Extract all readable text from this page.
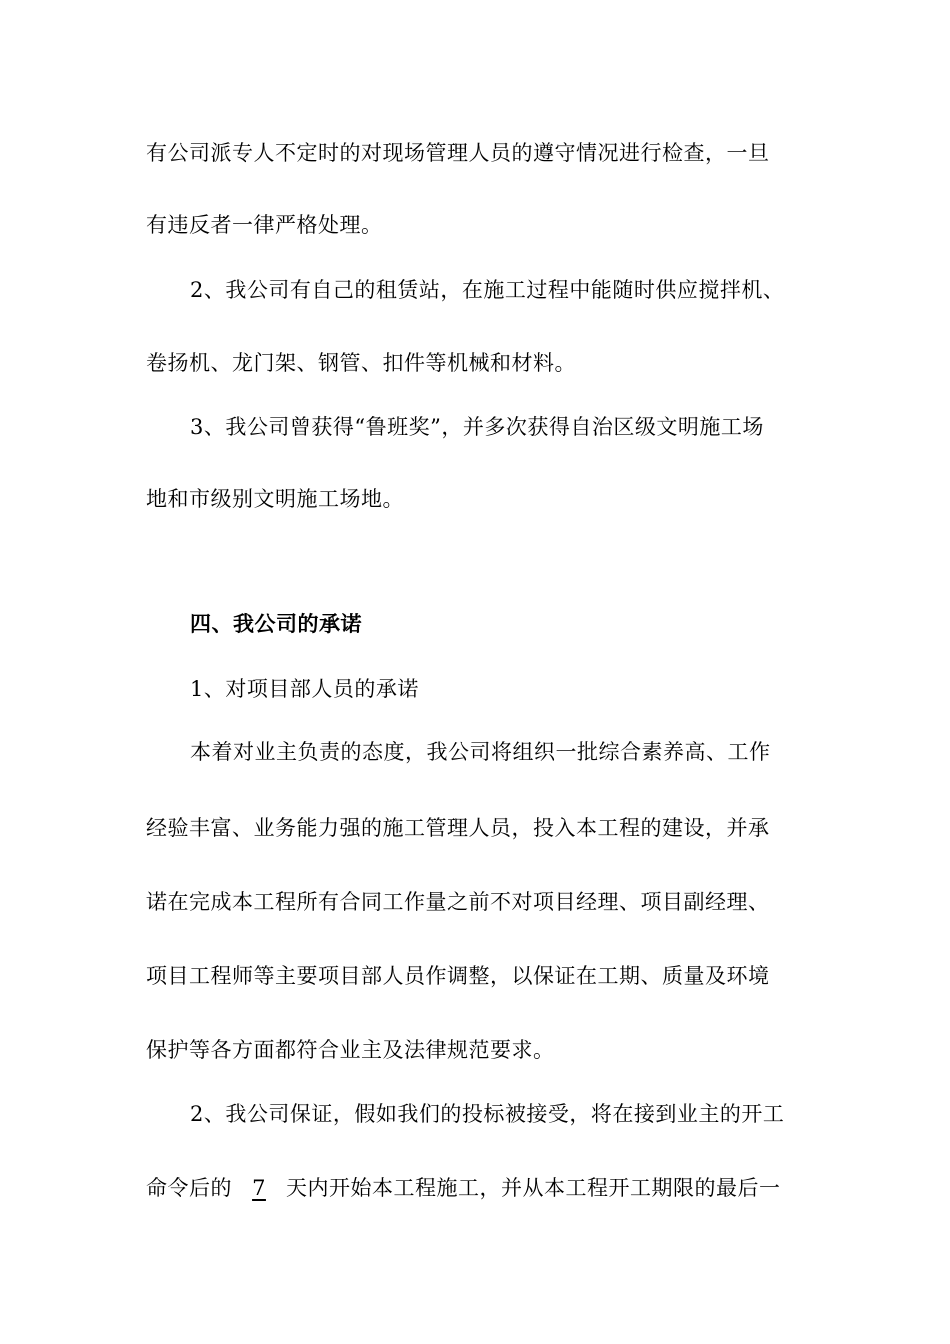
有公司派专人不定时的对现场管理人员的遵守情况进行检查，一旦
有违反者一律严格处理。
2、我公司有自己的租赁站，在施工过程中能随时供应搅拌机、
卷扬机、龙门架、钢管、扣件等机械和材料。
3、我公司曾获得“鲁班奖”，并多次获得自治区级文明施工场
地和市级别文明施工场地。
四、我公司的承诺
1、对项目部人员的承诺
本着对业主负责的态度，我公司将组织一批综合素养高、工作
经验丰富、业务能力强的施工管理人员，投入本工程的建设，并承
诺在完成本工程所有合同工作量之前不对项目经理、项目副经理、
项目工程师等主要项目部人员作调整，以保证在工期、质量及环境
保护等各方面都符合业主及法律规范要求。
2、我公司保证，假如我们的投标被接受，将在接到业主的开工
命令后的 7 天内开始本工程施工，并从本工程开工期限的最后一
